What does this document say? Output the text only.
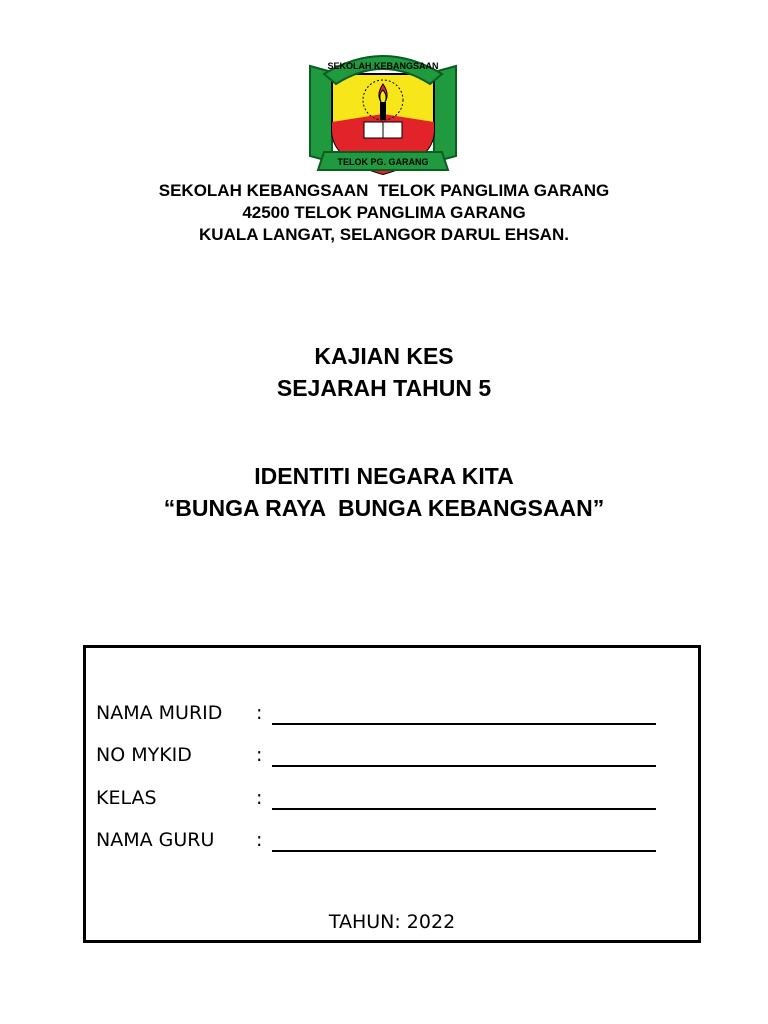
SEKOLAH KEBANGSAAN
TELOK PG. GARANG
SEKOLAH KEBANGSAAN  TELOK PANGLIMA GARANG
42500 TELOK PANGLIMA GARANG
KUALA LANGAT, SELANGOR DARUL EHSAN.
KAJIAN KES
SEJARAH TAHUN 5
IDENTITI NEGARA KITA
“BUNGA RAYA  BUNGA KEBANGSAAN”
NAMA MURID :
NO MYKID	:
KELAS	:
NAMA GURU :
TAHUN: 2022
